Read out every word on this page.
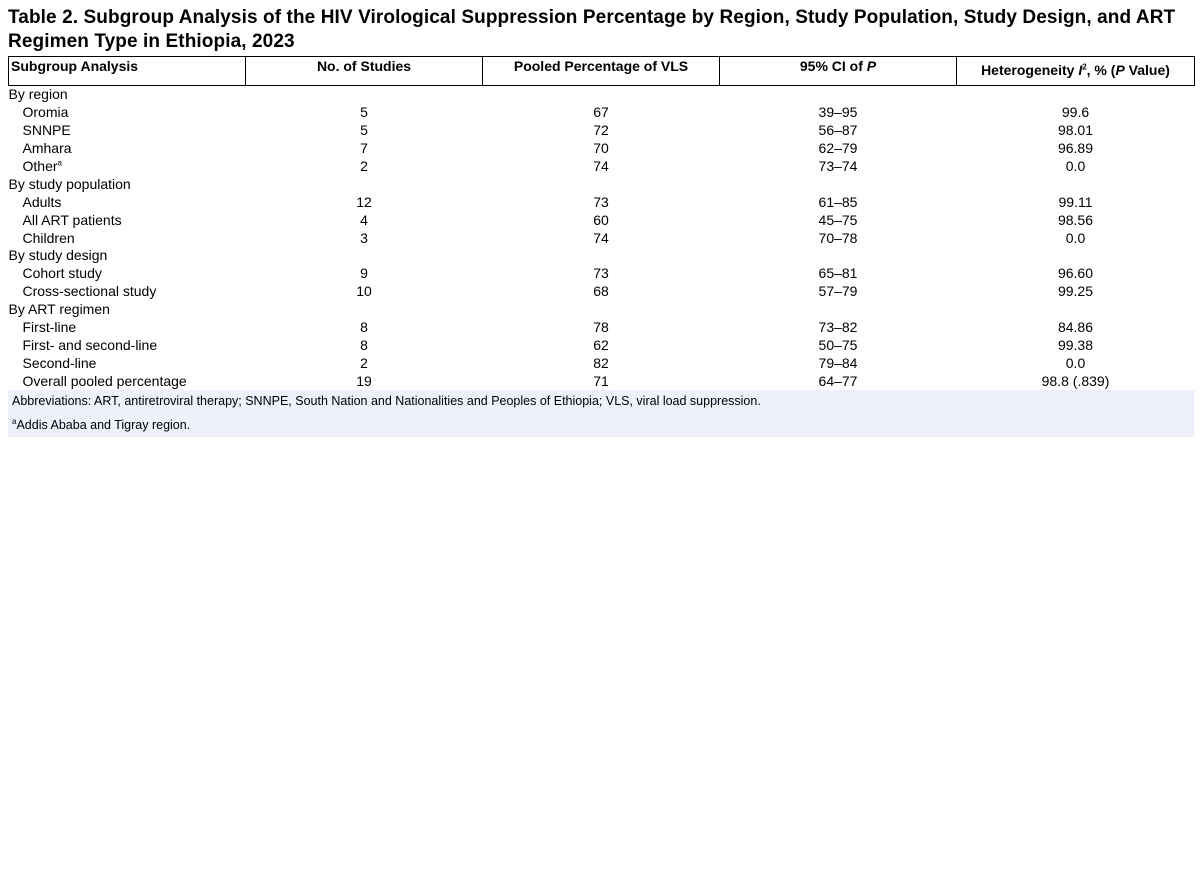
Table 2. Subgroup Analysis of the HIV Virological Suppression Percentage by Region, Study Population, Study Design, and ART Regimen Type in Ethiopia, 2023
Subgroup Analysis	No. of Studies	Pooled Percentage of VLS	95% CI of P	Heterogeneity $I^2$, % (P Value)
By region				
Oromia	5	67	39–95	99.6
SNNPE	5	72	56–87	98.01
Amhara	7	70	62–79	96.89
Other$^a$	2	74	73–74	0.0
By study population				
Adults	12	73	61–85	99.11
All ART patients	4	60	45–75	98.56
Children	3	74	70–78	0.0
By study design				
Cohort study	9	73	65–81	96.60
Cross-sectional study	10	68	57–79	99.25
By ART regimen				
First-line	8	78	73–82	84.86
First- and second-line	8	62	50–75	99.38
Second-line	2	82	79–84	0.0
Overall pooled percentage	19	71	64–77	98.8 (.839)
Abbreviations: ART, antiretroviral therapy; SNNPE, South Nation and Nationalities and Peoples of Ethiopia; VLS, viral load suppression.
$^a$Addis Ababa and Tigray region.
